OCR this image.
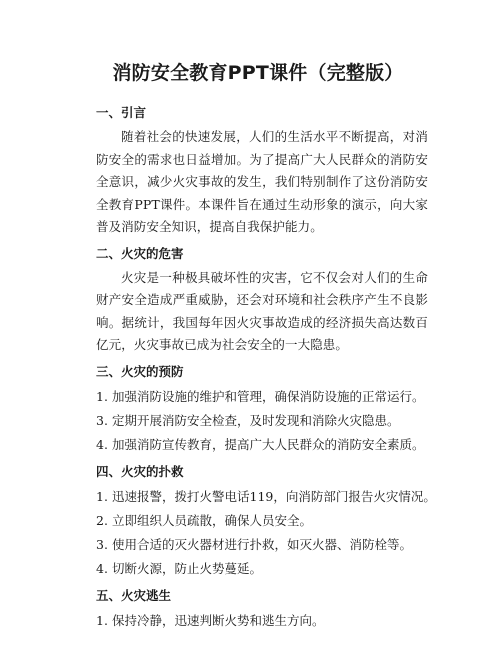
消防安全教育PPT课件（完整版）
一、引言

随着社会的快速发展，人们的生活水平不断提高，对消防安全的需求也日益增加。为了提高广大人民群众的消防安全意识，减少火灾事故的发生，我们特别制作了这份消防安全教育PPT课件。本课件旨在通过生动形象的演示，向大家普及消防安全知识，提高自我保护能力。

二、火灾的危害

火灾是一种极具破坏性的灾害，它不仅会对人们的生命财产安全造成严重威胁，还会对环境和社会秩序产生不良影响。据统计，我国每年因火灾事故造成的经济损失高达数百亿元，火灾事故已成为社会安全的一大隐患。

三、火灾的预防
1. 加强消防设施的维护和管理，确保消防设施的正常运行。
3. 定期开展消防安全检查，及时发现和消除火灾隐患。
4. 加强消防宣传教育，提高广大人民群众的消防安全素质。
四、火灾的扑救
1. 迅速报警，拨打火警电话119，向消防部门报告火灾情况。
2. 立即组织人员疏散，确保人员安全。
3. 使用合适的灭火器材进行扑救，如灭火器、消防栓等。
4. 切断火源，防止火势蔓延。
五、火灾逃生
1. 保持冷静，迅速判断火势和逃生方向。
